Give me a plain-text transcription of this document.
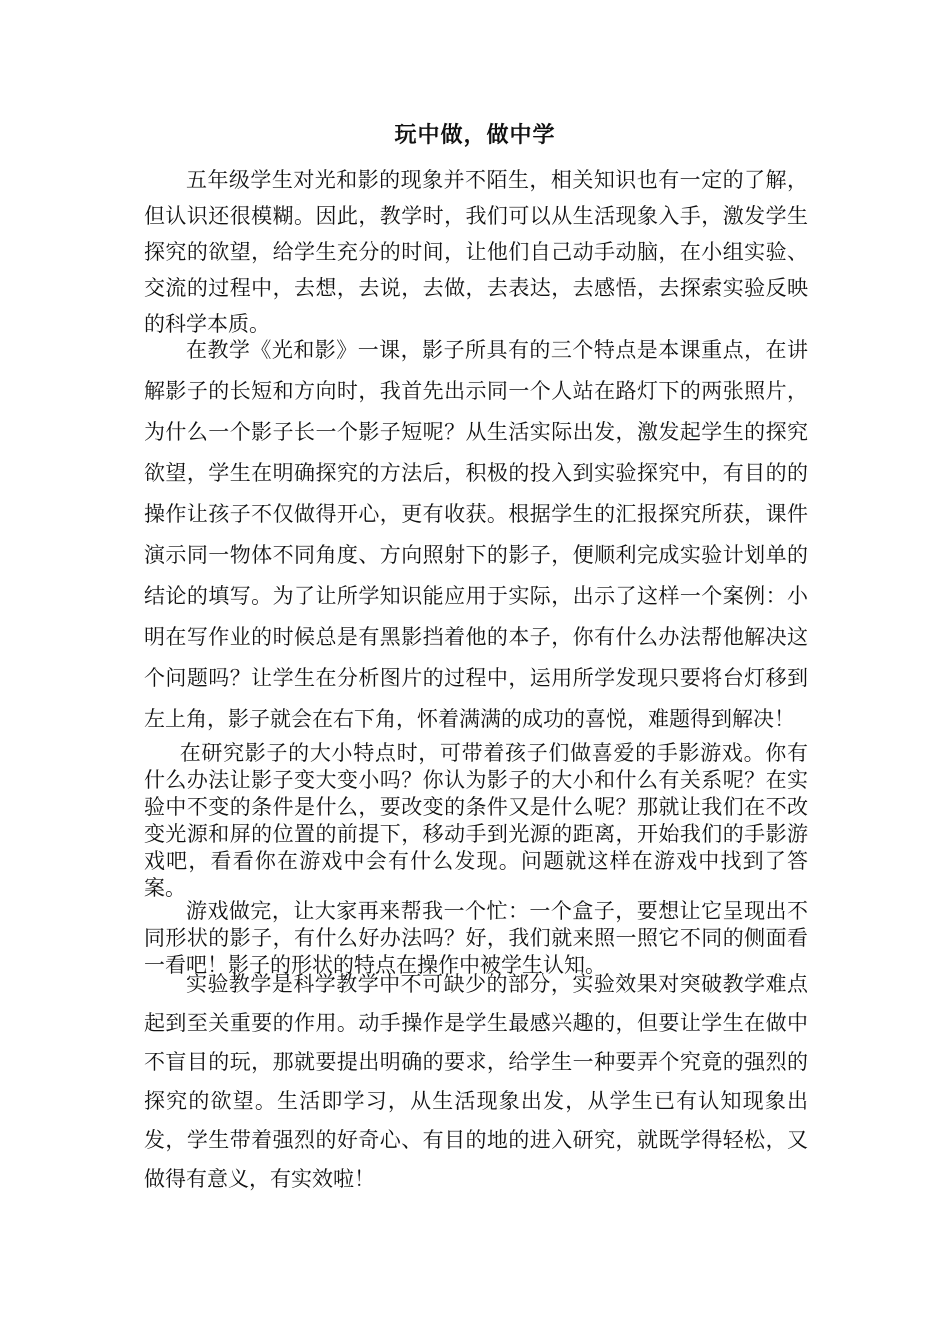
玩中做，做中学

五年级学生对光和影的现象并不陌生，相关知识也有一定的了解，但认识还很模糊。因此，教学时，我们可以从生活现象入手，激发学生探究的欲望，给学生充分的时间，让他们自己动手动脑，在小组实验、交流的过程中，去想，去说，去做，去表达，去感悟，去探索实验反映的科学本质。

在教学《光和影》一课，影子所具有的三个特点是本课重点，在讲解影子的长短和方向时，我首先出示同一个人站在路灯下的两张照片，为什么一个影子长一个影子短呢？从生活实际出发，激发起学生的探究欲望，学生在明确探究的方法后，积极的投入到实验探究中，有目的的操作让孩子不仅做得开心，更有收获。根据学生的汇报探究所获，课件演示同一物体不同角度、方向照射下的影子，便顺利完成实验计划单的结论的填写。为了让所学知识能应用于实际，出示了这样一个案例：小明在写作业的时候总是有黑影挡着他的本子，你有什么办法帮他解决这个问题吗？让学生在分析图片的过程中，运用所学发现只要将台灯移到左上角，影子就会在右下角，怀着满满的成功的喜悦，难题得到解决！

在研究影子的大小特点时，可带着孩子们做喜爱的手影游戏。你有什么办法让影子变大变小吗？你认为影子的大小和什么有关系呢？在实验中不变的条件是什么，要改变的条件又是什么呢？那就让我们在不改变光源和屏的位置的前提下，移动手到光源的距离，开始我们的手影游戏吧，看看你在游戏中会有什么发现。问题就这样在游戏中找到了答案。

游戏做完，让大家再来帮我一个忙：一个盒子，要想让它呈现出不同形状的影子，有什么好办法吗？好，我们就来照一照它不同的侧面看一看吧！影子的形状的特点在操作中被学生认知。

实验教学是科学教学中不可缺少的部分，实验效果对突破教学难点起到至关重要的作用。动手操作是学生最感兴趣的，但要让学生在做中不盲目的玩，那就要提出明确的要求，给学生一种要弄个究竟的强烈的探究的欲望。生活即学习，从生活现象出发，从学生已有认知现象出发，学生带着强烈的好奇心、有目的地的进入研究，就既学得轻松，又做得有意义，有实效啦！
